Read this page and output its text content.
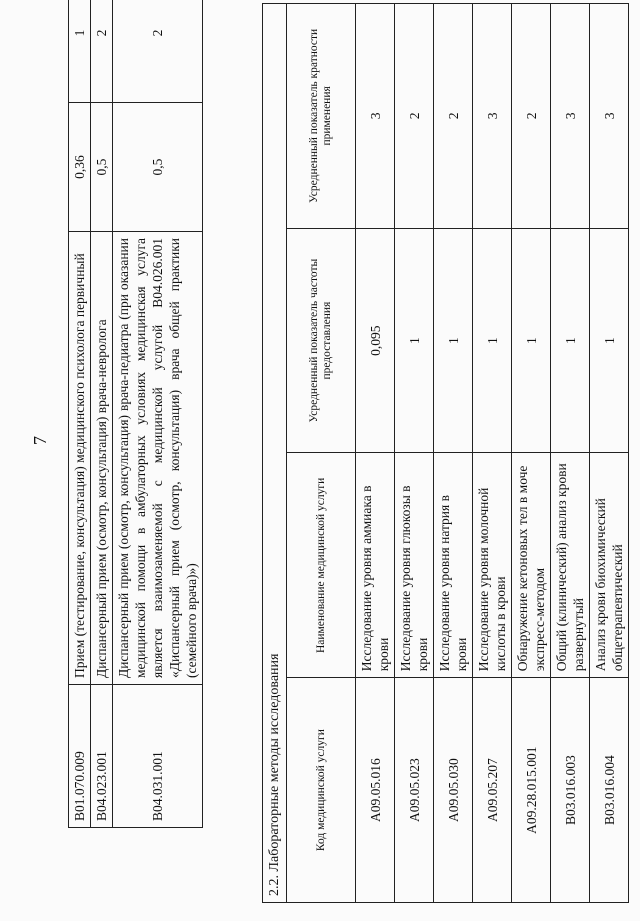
7
B01.070.009	Прием (тестирование, консультация) медицинского психолога первичный	0,36	1
B04.023.001	Диспансерный прием (осмотр, консультация) врача-невролога	0,5	2
B04.031.001	Диспансерный прием (осмотр, консультация) врача-педиатра (при оказании медицинской помощи в амбулаторных условиях медицинская услуга является взаимозаменяемой с медицинской услугой B04.026.001 «Диспансерный прием (осмотр, консультация) врача общей практики (семейного врача)»)	0,5	2
2.2. Лабораторные методы исследования			
Код медицинской услуги	Наименование медицинской услуги	Усредненный показатель частоты предоставления	Усредненный показатель кратности применения
A09.05.016	Исследование уровня аммиака в крови	0,095	3
A09.05.023	Исследование уровня глюкозы в крови	1	2
A09.05.030	Исследование уровня натрия в крови	1	2
A09.05.207	Исследование уровня молочной кислоты в крови	1	3
A09.28.015.001	Обнаружение кетоновых тел в моче экспресс-методом	1	2
B03.016.003	Общий (клинический) анализ крови развернутый	1	3
B03.016.004	Анализ крови биохимический общетерапевтический	1	3
